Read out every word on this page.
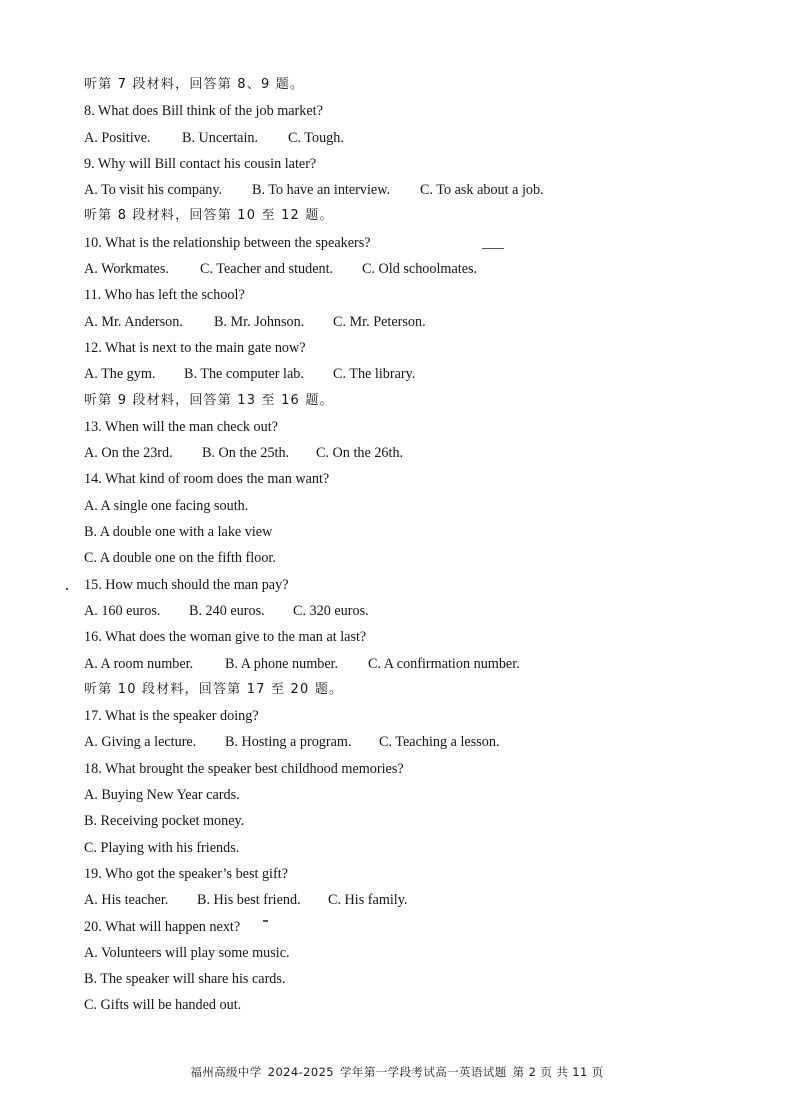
听第 7 段材料，回答第 8、9 题。
8. What does Bill think of the job market?
A. Positive. B. Uncertain. C. Tough.
9. Why will Bill contact his cousin later?
A. To visit his company. B. To have an interview. C. To ask about a job.
听第 8 段材料，回答第 10 至 12 题。
10. What is the relationship between the speakers?
A. Workmates. C. Teacher and student. C. Old schoolmates.
11. Who has left the school?
A. Mr. Anderson. B. Mr. Johnson. C. Mr. Peterson.
12. What is next to the main gate now?
A. The gym. B. The computer lab. C. The library.
听第 9 段材料，回答第 13 至 16 题。
13. When will the man check out?
A. On the 23rd. B. On the 25th. C. On the 26th.
14. What kind of room does the man want?
A. A single one facing south.
B. A double one with a lake view
C. A double one on the fifth floor.
15. How much should the man pay?
A. 160 euros. B. 240 euros. C. 320 euros.
16. What does the woman give to the man at last?
A. A room number. B. A phone number. C. A confirmation number.
听第 10 段材料，回答第 17 至 20 题。
17. What is the speaker doing?
A. Giving a lecture. B. Hosting a program. C. Teaching a lesson.
18. What brought the speaker best childhood memories?
A. Buying New Year cards.
B. Receiving pocket money.
C. Playing with his friends.
19. Who got the speaker’s best gift?
A. His teacher. B. His best friend. C. His family.
20. What will happen next?
A. Volunteers will play some music.
B. The speaker will share his cards.
C. Gifts will be handed out.
福州高级中学 2024-2025 学年第一学段考试高一英语试题 第 2 页 共 11 页
